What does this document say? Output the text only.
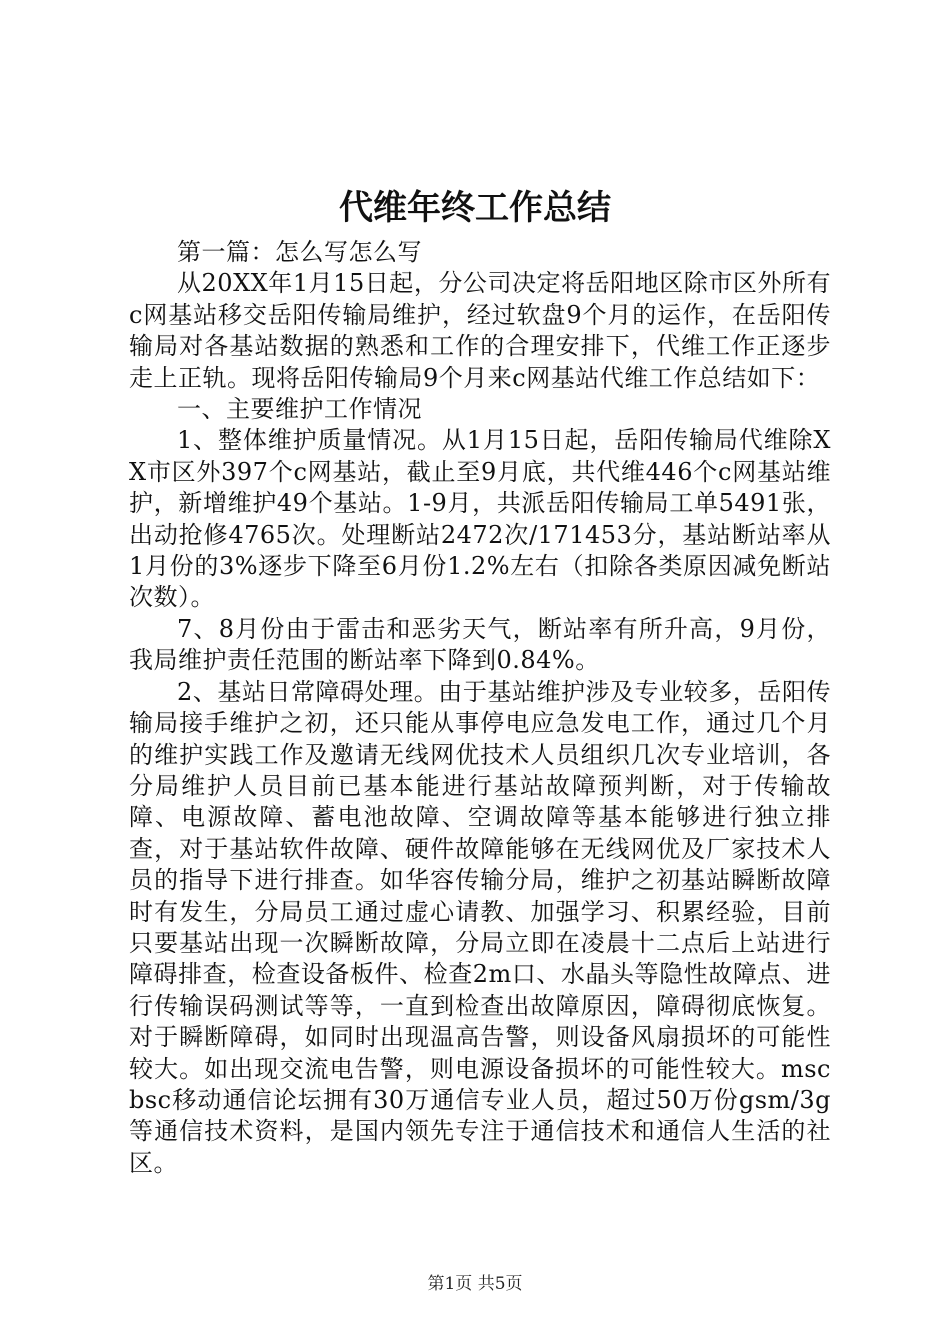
代维年终工作总结

第一篇：怎么写怎么写

从20XX年1月15日起，分公司决定将岳阳地区除市区外所有c网基站移交岳阳传输局维护，经过软盘9个月的运作，在岳阳传输局对各基站数据的熟悉和工作的合理安排下，代维工作正逐步走上正轨。现将岳阳传输局9个月来c网基站代维工作总结如下：

一、主要维护工作情况

1、整体维护质量情况。从1月15日起，岳阳传输局代维除XX市区外397个c网基站，截止至9月底，共代维446个c网基站维护，新增维护49个基站。1-9月，共派岳阳传输局工单5491张，出动抢修4765次。处理断站2472次/171453分，基站断站率从1月份的3%逐步下降至6月份1.2%左右（扣除各类原因减免断站次数）。

7、8月份由于雷击和恶劣天气，断站率有所升高，9月份，我局维护责任范围的断站率下降到0.84%。

2、基站日常障碍处理。由于基站维护涉及专业较多，岳阳传输局接手维护之初，还只能从事停电应急发电工作，通过几个月的维护实践工作及邀请无线网优技术人员组织几次专业培训，各分局维护人员目前已基本能进行基站故障预判断，对于传输故障、电源故障、蓄电池故障、空调故障等基本能够进行独立排查，对于基站软件故障、硬件故障能够在无线网优及厂家技术人员的指导下进行排查。如华容传输分局，维护之初基站瞬断故障时有发生，分局员工通过虚心请教、加强学习、积累经验，目前只要基站出现一次瞬断故障，分局立即在凌晨十二点后上站进行障碍排查，检查设备板件、检查2m口、水晶头等隐性故障点、进行传输误码测试等等，一直到检查出故障原因，障碍彻底恢复。对于瞬断障碍，如同时出现温高告警，则设备风扇损坏的可能性较大。如出现交流电告警，则电源设备损坏的可能性较大。mscbsc移动通信论坛拥有30万通信专业人员，超过50万份gsm/3g等通信技术资料，是国内领先专注于通信技术和通信人生活的社区。

第1页 共5页
